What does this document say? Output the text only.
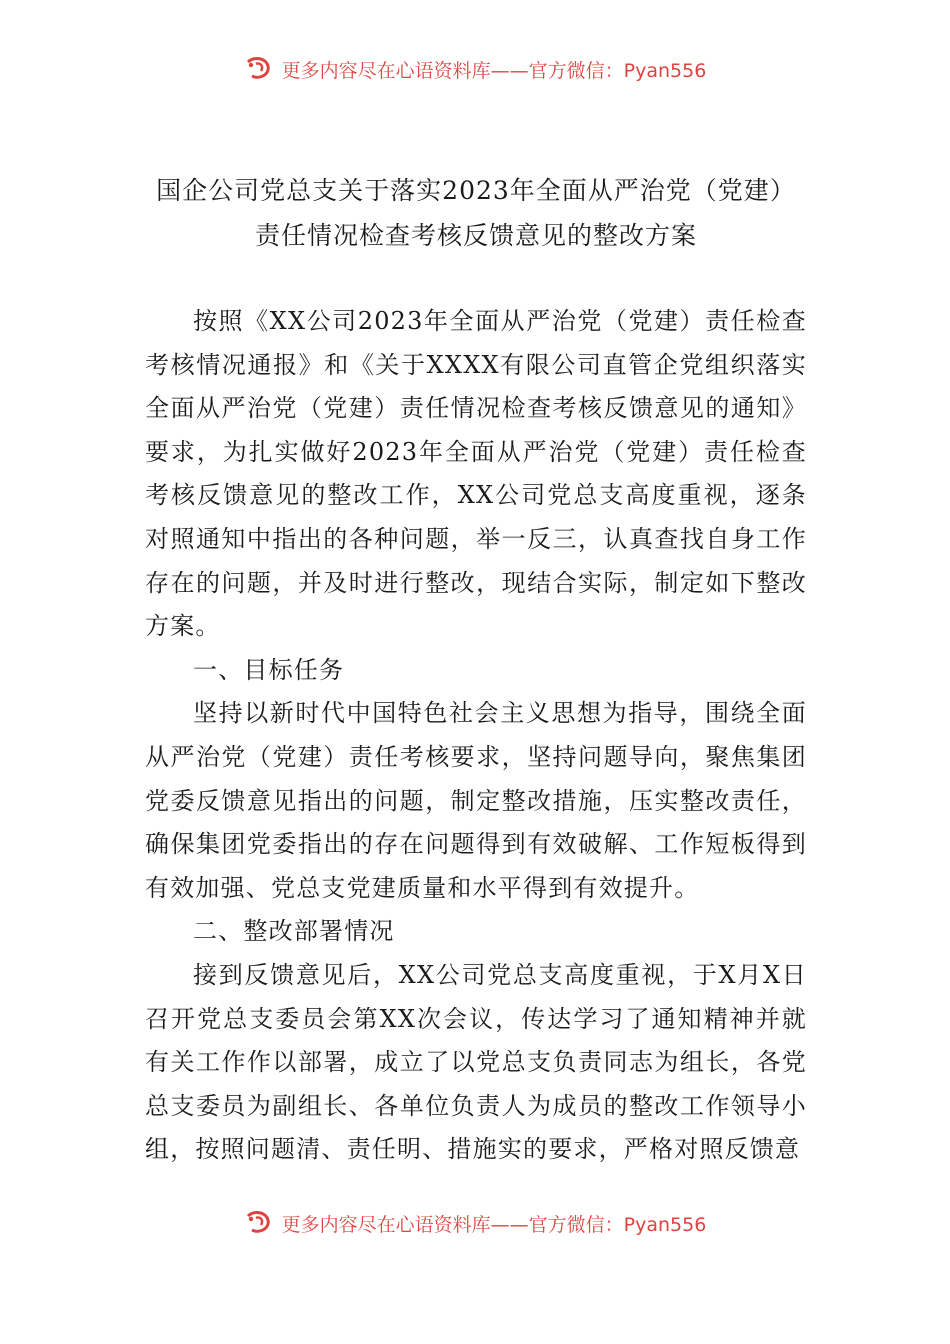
更多内容尽在心语资料库——官方微信：Pyan556
国企公司党总支关于落实2023年全面从严治党（党建）责任情况检查考核反馈意见的整改方案

按照《XX公司2023年全面从严治党（党建）责任检查考核情况通报》和《关于XXXX有限公司直管企党组织落实全面从严治党（党建）责任情况检查考核反馈意见的通知》要求，为扎实做好2023年全面从严治党（党建）责任检查考核反馈意见的整改工作，XX公司党总支高度重视，逐条对照通知中指出的各种问题，举一反三，认真查找自身工作存在的问题，并及时进行整改，现结合实际，制定如下整改方案。

一、目标任务

坚持以新时代中国特色社会主义思想为指导，围绕全面从严治党（党建）责任考核要求，坚持问题导向，聚焦集团党委反馈意见指出的问题，制定整改措施，压实整改责任，确保集团党委指出的存在问题得到有效破解、工作短板得到有效加强、党总支党建质量和水平得到有效提升。

二、整改部署情况

接到反馈意见后，XX公司党总支高度重视，于X月X日召开党总支委员会第XX次会议，传达学习了通知精神并就有关工作作以部署，成立了以党总支负责同志为组长，各党总支委员为副组长、各单位负责人为成员的整改工作领导小组，按照问题清、责任明、措施实的要求，严格对照反馈意

更多内容尽在心语资料库——官方微信：Pyan556
